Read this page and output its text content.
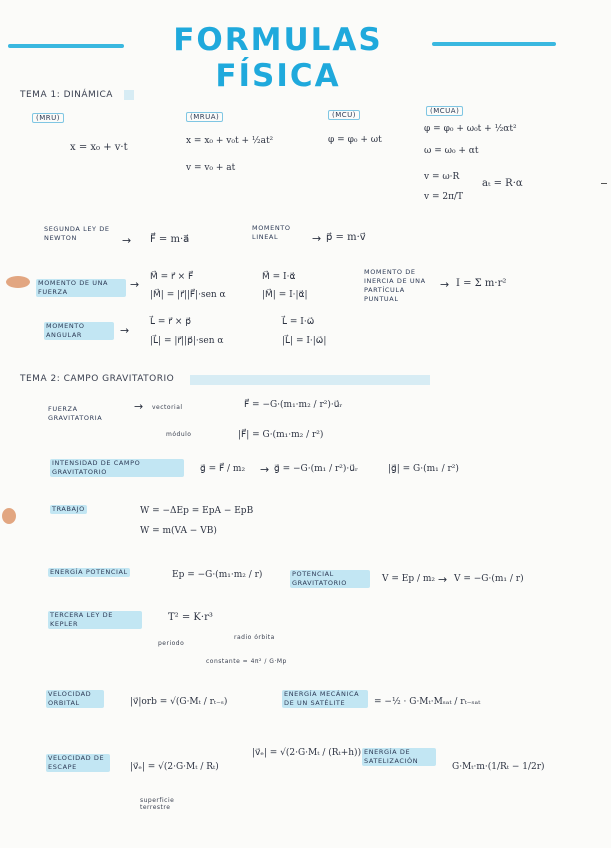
FORMULAS FÍSICA
TEMA 1: DINÁMICA
(MRU)
x = x₀ + v·t
(MRUA)
x = x₀ + v₀t + ½at²
v = v₀ + at
(MCU)
φ = φ₀ + ωt
(MCUA)
φ = φ₀ + ω₀t + ½αt²
ω = ω₀ + αt
v = ω·R
v = 2π/T
aₜ = R·α
SEGUNDA LEY DE NEWTON	→ F⃗ = m·a⃗
MOMENTO LINEAL	→ p⃗ = m·v⃗
MOMENTO DE UNA FUERZA
→
M⃗ = r⃗ × F⃗
|M⃗| = |r⃗||F⃗|·sen α
M⃗ = I·α⃗
|M⃗| = I·|α⃗|
MOMENTO DE INERCIA DE UNA PARTÍCULA PUNTUAL
→ I = Σ m·r²
MOMENTO ANGULAR	→
L⃗ = r⃗ × p⃗
|L⃗| = |r⃗||p⃗|·sen α
L⃗ = I·ω⃗
|L⃗| = I·|ω⃗|
TEMA 2: CAMPO GRAVITATORIO
FUERZA GRAVITATORIA
→ vectorial
módulo
F⃗ = −G·(m₁·m₂ / r²)·u⃗ᵣ
|F⃗| = G·(m₁·m₂ / r²)
INTENSIDAD DE CAMPO GRAVITATORIO	g⃗ = F⃗ / m₂ → g⃗ = −G·(m₁ / r²)·u⃗ᵣ	|g⃗| = G·(m₁ / r²)
TRABAJO	W = −ΔEp = EpA − EpB
W = m(VA − VB)
ENERGÍA POTENCIAL	Ep = −G·(m₁·m₂ / r)	POTENCIAL GRAVITATORIO	V = Ep / m₂ → V = −G·(m₁ / r)
TERCERA LEY DE KEPLER
T² = K·r³
periodo
radio órbita
constante = 4π² / G·Mp
VELOCIDAD ORBITAL	|v⃗|orb = √(G·Mₜ / rₜ₋ₛ)
ENERGÍA MECÁNICA DE UN SATÉLITE	= −½ · G·Mₜ·Mₛₐₜ / rₜ₋ₛₐₜ
VELOCIDAD DE ESCAPE	|v⃗ₑ| = √(2·G·Mₜ / Rₜ)
|v⃗ₑ| = √(2·G·Mₜ / (Rₜ+h))
superficie terrestre
ENERGÍA DE SATELIZACIÓN
G·Mₜ·m·(1/Rₜ − 1/2r)
